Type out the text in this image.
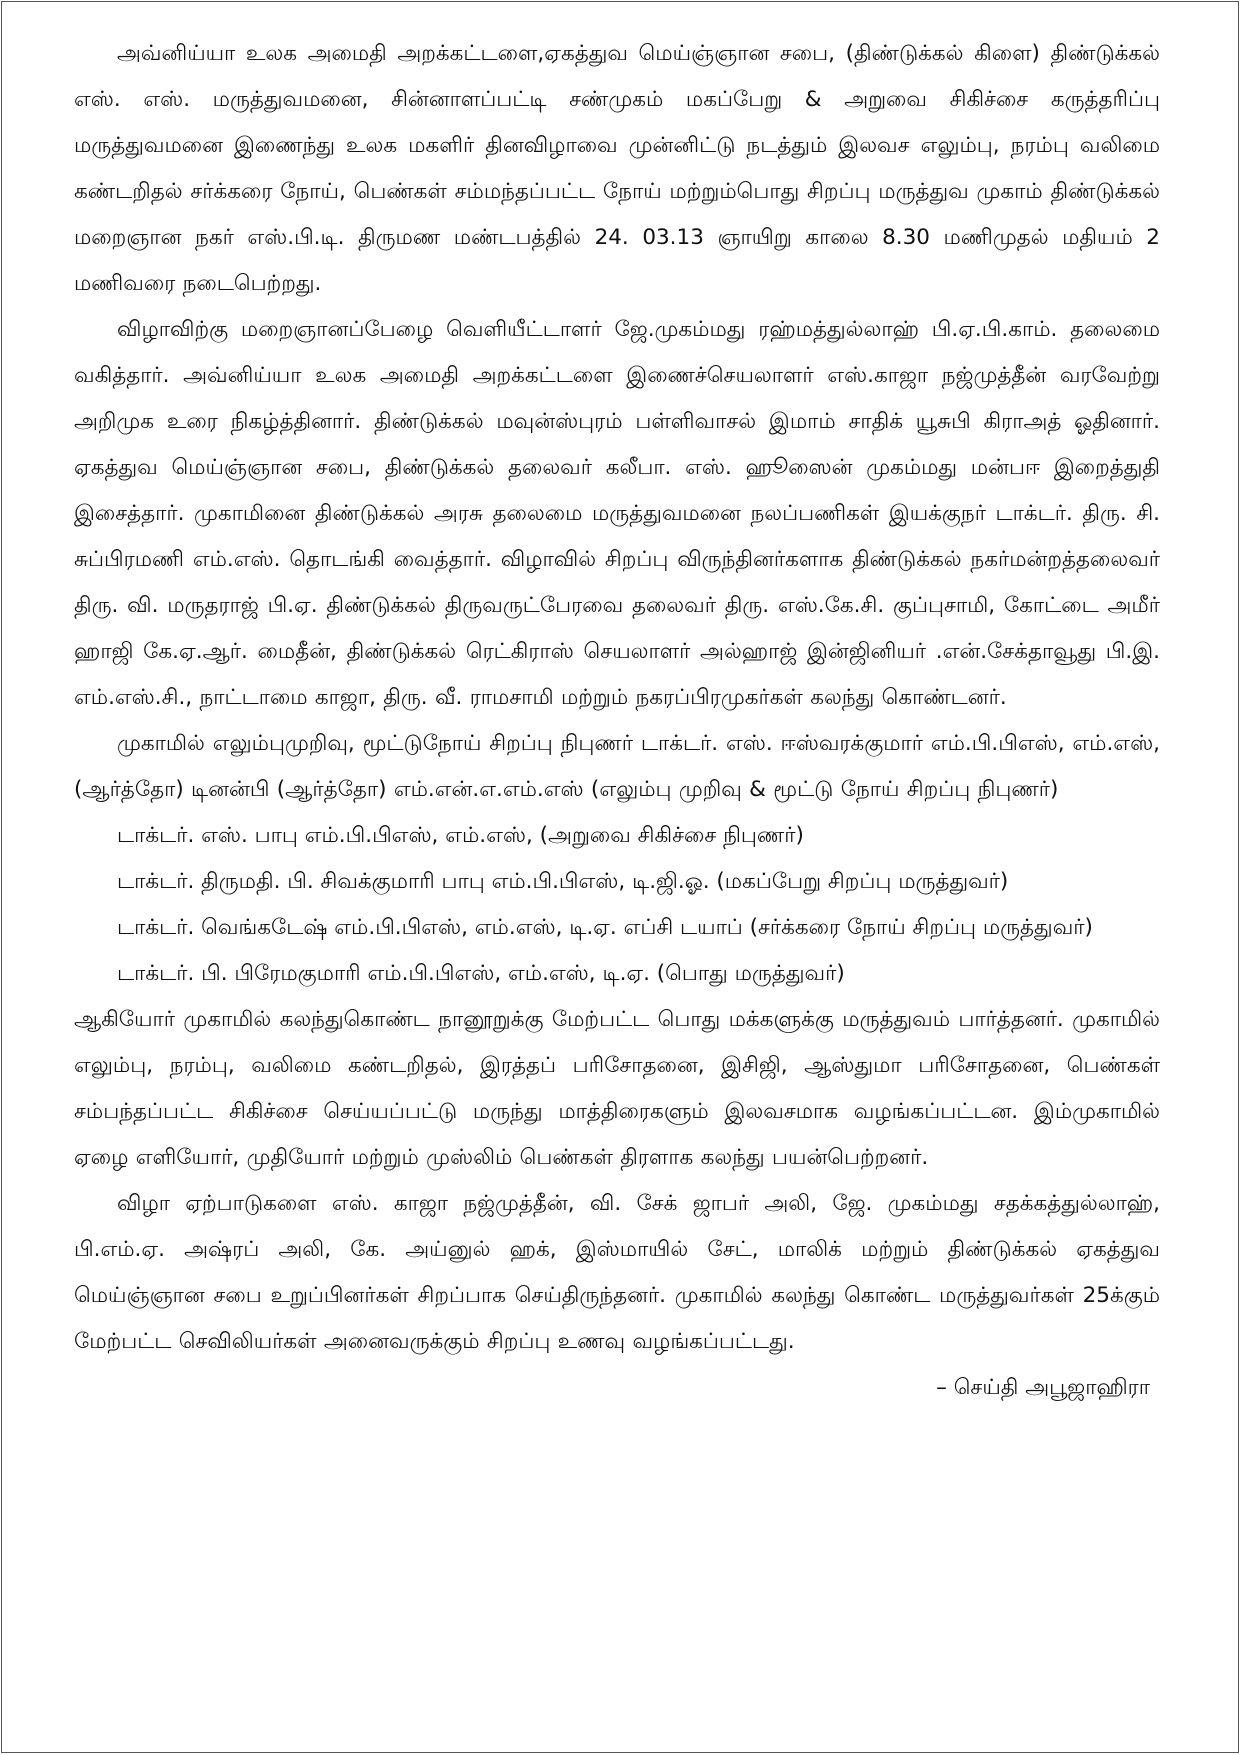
அவ்னிய்யா உலக அமைதி அறக்கட்டளை,ஏகத்துவ மெய்ஞ்ஞான சபை, (திண்டுக்கல் கிளை) திண்டுக்கல் எஸ். எஸ். மருத்துவமனை, சின்னாளப்பட்டி சண்முகம் மகப்பேறு & அறுவை சிகிச்சை கருத்தரிப்பு மருத்துவமனை இணைந்து உலக மகளிர் தினவிழாவை முன்னிட்டு நடத்தும் இலவச எலும்பு, நரம்பு வலிமை கண்டறிதல் சர்க்கரை நோய், பெண்கள் சம்மந்தப்பட்ட நோய் மற்றும்பொது சிறப்பு மருத்துவ முகாம் திண்டுக்கல் மறைஞான நகர் எஸ்.பி.டி. திருமண மண்டபத்தில் 24. 03.13 ஞாயிறு காலை 8.30 மணிமுதல் மதியம் 2 மணிவரை நடைபெற்றது.

விழாவிற்கு மறைஞானப்பேழை வெளியீட்டாளர் ஜே.முகம்மது ரஹ்மத்துல்லாஹ் பி.ஏ.பி.காம். தலைமை வகித்தார். அவ்னிய்யா உலக அமைதி அறக்கட்டளை இணைச்செயலாளர் எஸ்.காஜா நஜ்முத்தீன் வரவேற்று அறிமுக உரை நிகழ்த்தினார். திண்டுக்கல் மவுன்ஸ்புரம் பள்ளிவாசல் இமாம் சாதிக் யூசுபி கிராஅத் ஓதினார். ஏகத்துவ மெய்ஞ்ஞான சபை, திண்டுக்கல் தலைவர் கலீபா. எஸ். ஹூஸைன் முகம்மது மன்பஈ இறைத்துதி இசைத்தார். முகாமினை திண்டுக்கல் அரசு தலைமை மருத்துவமனை நலப்பணிகள் இயக்குநர் டாக்டர். திரு. சி. சுப்பிரமணி எம்.எஸ். தொடங்கி வைத்தார். விழாவில் சிறப்பு விருந்தினர்களாக திண்டுக்கல் நகர்மன்றத்தலைவர் திரு. வி. மருதராஜ் பி.ஏ. திண்டுக்கல் திருவருட்பேரவை தலைவர் திரு. எஸ்.கே.சி. குப்புசாமி, கோட்டை அமீர் ஹாஜி கே.ஏ.ஆர். மைதீன், திண்டுக்கல் ரெட்கிராஸ் செயலாளர் அல்ஹாஜ் இன்ஜினியர் .என்.சேக்தாவூது பி.இ. எம்.எஸ்.சி., நாட்டாமை காஜா, திரு. வீ. ராமசாமி மற்றும் நகரப்பிரமுகர்கள் கலந்து கொண்டனர்.

முகாமில் எலும்புமுறிவு, மூட்டுநோய் சிறப்பு நிபுணர் டாக்டர். எஸ். ஈஸ்வரக்குமார் எம்.பி.பிஎஸ், எம்.எஸ், (ஆர்த்தோ) டினன்பி (ஆர்த்தோ) எம்.என்.எ.எம்.எஸ் (எலும்பு முறிவு & மூட்டு நோய் சிறப்பு நிபுணர்)

டாக்டர். எஸ். பாபு எம்.பி.பிஎஸ், எம்.எஸ், (அறுவை சிகிச்சை நிபுணர்)

டாக்டர். திருமதி. பி. சிவக்குமாரி பாபு எம்.பி.பிஎஸ், டி.ஜி.ஓ. (மகப்பேறு சிறப்பு மருத்துவர்)

டாக்டர். வெங்கடேஷ் எம்.பி.பிஎஸ், எம்.எஸ், டி.ஏ. எப்சி டயாப் (சர்க்கரை நோய் சிறப்பு மருத்துவர்)

டாக்டர். பி. பிரேமகுமாரி எம்.பி.பிஎஸ், எம்.எஸ், டி.ஏ. (பொது மருத்துவர்)

ஆகியோர் முகாமில் கலந்துகொண்ட நானூறுக்கு மேற்பட்ட பொது மக்களுக்கு மருத்துவம் பார்த்தனர். முகாமில் எலும்பு, நரம்பு, வலிமை கண்டறிதல், இரத்தப் பரிசோதனை, இசிஜி, ஆஸ்துமா பரிசோதனை, பெண்கள் சம்பந்தப்பட்ட சிகிச்சை செய்யப்பட்டு மருந்து மாத்திரைகளும் இலவசமாக வழங்கப்பட்டன. இம்முகாமில் ஏழை எளியோர், முதியோர் மற்றும் முஸ்லிம் பெண்கள் திரளாக கலந்து பயன்பெற்றனர்.

விழா ஏற்பாடுகளை எஸ். காஜா நஜ்முத்தீன், வி. சேக் ஜாபர் அலி, ஜே. முகம்மது சதக்கத்துல்லாஹ், பி.எம்.ஏ. அஷ்ரப் அலி, கே. அய்னுல் ஹக், இஸ்மாயில் சேட், மாலிக் மற்றும் திண்டுக்கல் ஏகத்துவ மெய்ஞ்ஞான சபை உறுப்பினர்கள் சிறப்பாக செய்திருந்தனர். முகாமில் கலந்து கொண்ட மருத்துவர்கள் 25க்கும் மேற்பட்ட செவிலியர்கள் அனைவருக்கும் சிறப்பு உணவு வழங்கப்பட்டது.

– செய்தி அபூஜாஹிரா
